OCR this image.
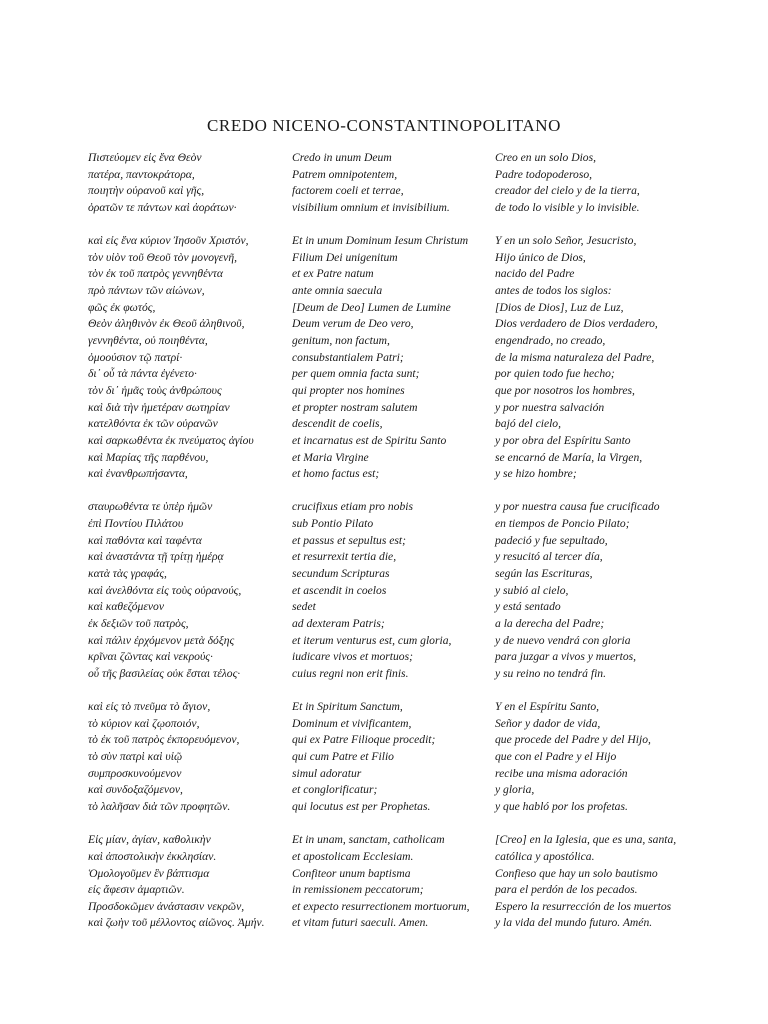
CREDO NICENO-CONSTANTINOPOLITANO
Πιστεύομεν εἰς ἕνα Θεὸν
πατέρα, παντοκράτορα,
ποιητὴν οὐρανοῦ καὶ γῆς,
ὁρατῶν τε πάντων καὶ ἀοράτων·
καὶ εἰς ἕνα κύριον Ἰησοῦν Χριστόν,
τὸν υἱὸν τοῦ Θεοῦ τὸν μονογενῆ,
τὸν ἐκ τοῦ πατρὸς γεννηθέντα
πρὸ πάντων τῶν αἰώνων,
φῶς ἐκ φωτός,
Θεὸν ἀληθινὸν ἐκ Θεοῦ ἀληθινοῦ,
γεννηθέντα, οὐ ποιηθέντα,
ὁμοούσιον τῷ πατρί·
δι᾽ οὗ τὰ πάντα ἐγένετο·
τὸν δι᾽ ἡμᾶς τοὺς ἀνθρώπους
καὶ διὰ τὴν ἡμετέραν σωτηρίαν
κατελθόντα ἐκ τῶν οὐρανῶν
καὶ σαρκωθέντα ἐκ πνεύματος ἁγίου
καὶ Μαρίας τῆς παρθένου,
καὶ ἐνανθρωπήσαντα,
σταυρωθέντα τε ὑπὲρ ἡμῶν
ἐπὶ Ποντίου Πιλάτου
καὶ παθόντα καὶ ταφέντα
καὶ ἀναστάντα τῇ τρίτῃ ἡμέρᾳ
κατὰ τὰς γραφάς,
καὶ ἀνελθόντα εἰς τοὺς οὐρανούς,
καὶ καθεζόμενον
ἐκ δεξιῶν τοῦ πατρὸς,
καὶ πάλιν ἐρχόμενον μετὰ δόξης
κρῖναι ζῶντας καὶ νεκρούς·
οὗ τῆς βασιλείας οὐκ ἔσται τέλος·
καὶ εἰς τὸ πνεῦμα τὸ ἅγιον,
τὸ κύριον καὶ ζῳοποιόν,
τὸ ἐκ τοῦ πατρὸς ἐκπορευόμενον,
τὸ σὺν πατρὶ καὶ υἱῷ
συμπροσκυνούμενον
καὶ συνδοξαζόμενον,
τὸ λαλῆσαν διὰ τῶν προφητῶν.
Εἰς μίαν, ἁγίαν, καθολικὴν
καὶ ἀποστολικὴν ἐκκλησίαν.
Ὁμολογοῦμεν ἓν βάπτισμα
εἰς ἄφεσιν ἁμαρτιῶν.
Προσδοκῶμεν ἀνάστασιν νεκρῶν,
καὶ ζωὴν τοῦ μέλλοντος αἰῶνος. Ἀμήν.
Credo in unum Deum
Patrem omnipotentem,
factorem coeli et terrae,
visibilium omnium et invisibilium.
Et in unum Dominum Iesum Christum
Filium Dei unigenitum
et ex Patre natum
ante omnia saecula
[Deum de Deo] Lumen de Lumine
Deum verum de Deo vero,
genitum, non factum,
consubstantialem Patri;
per quem omnia facta sunt;
qui propter nos homines
et propter nostram salutem
descendit de coelis,
et incarnatus est de Spiritu Santo
et Maria Virgine
et homo factus est;
crucifixus etiam pro nobis
sub Pontio Pilato
et passus et sepultus est;
et resurrexit tertia die,
secundum Scripturas
et ascendit in coelos
sedet
ad dexteram Patris;
et iterum venturus est, cum gloria,
iudicare vivos et mortuos;
cuius regni non erit finis.
Et in Spiritum Sanctum,
Dominum et vivificantem,
qui ex Patre Filioque procedit;
qui cum Patre et Filio
simul adoratur
et conglorificatur;
qui locutus est per Prophetas.
Et in unam, sanctam, catholicam
et apostolicam Ecclesiam.
Confiteor unum baptisma
in remissionem peccatorum;
et expecto resurrectionem mortuorum,
et vitam futuri saeculi. Amen.
Creo en un solo Dios,
Padre todopoderoso,
creador del cielo y de la tierra,
de todo lo visible y lo invisible.
Y en un solo Señor, Jesucristo,
Hijo único de Dios,
nacido del Padre
antes de todos los siglos:
[Dios de Dios], Luz de Luz,
Dios verdadero de Dios verdadero,
engendrado, no creado,
de la misma naturaleza del Padre,
por quien todo fue hecho;
que por nosotros los hombres,
y por nuestra salvación
bajó del cielo,
y por obra del Espíritu Santo
se encarnó de María, la Virgen,
y se hizo hombre;
y por nuestra causa fue crucificado
en tiempos de Poncio Pilato;
padeció y fue sepultado,
y resucitó al tercer día,
según las Escrituras,
y subió al cielo,
y está sentado
a la derecha del Padre;
y de nuevo vendrá con gloria
para juzgar a vivos y muertos,
y su reino no tendrá fin.
Y en el Espíritu Santo,
Señor y dador de vida,
que procede del Padre y del Hijo,
que con el Padre y el Hijo
recibe una misma adoración
y gloria,
y que habló por los profetas.
[Creo] en la Iglesia, que es una, santa,
católica y apostólica.
Confieso que hay un solo bautismo
para el perdón de los pecados.
Espero la resurrección de los muertos
y la vida del mundo futuro. Amén.
